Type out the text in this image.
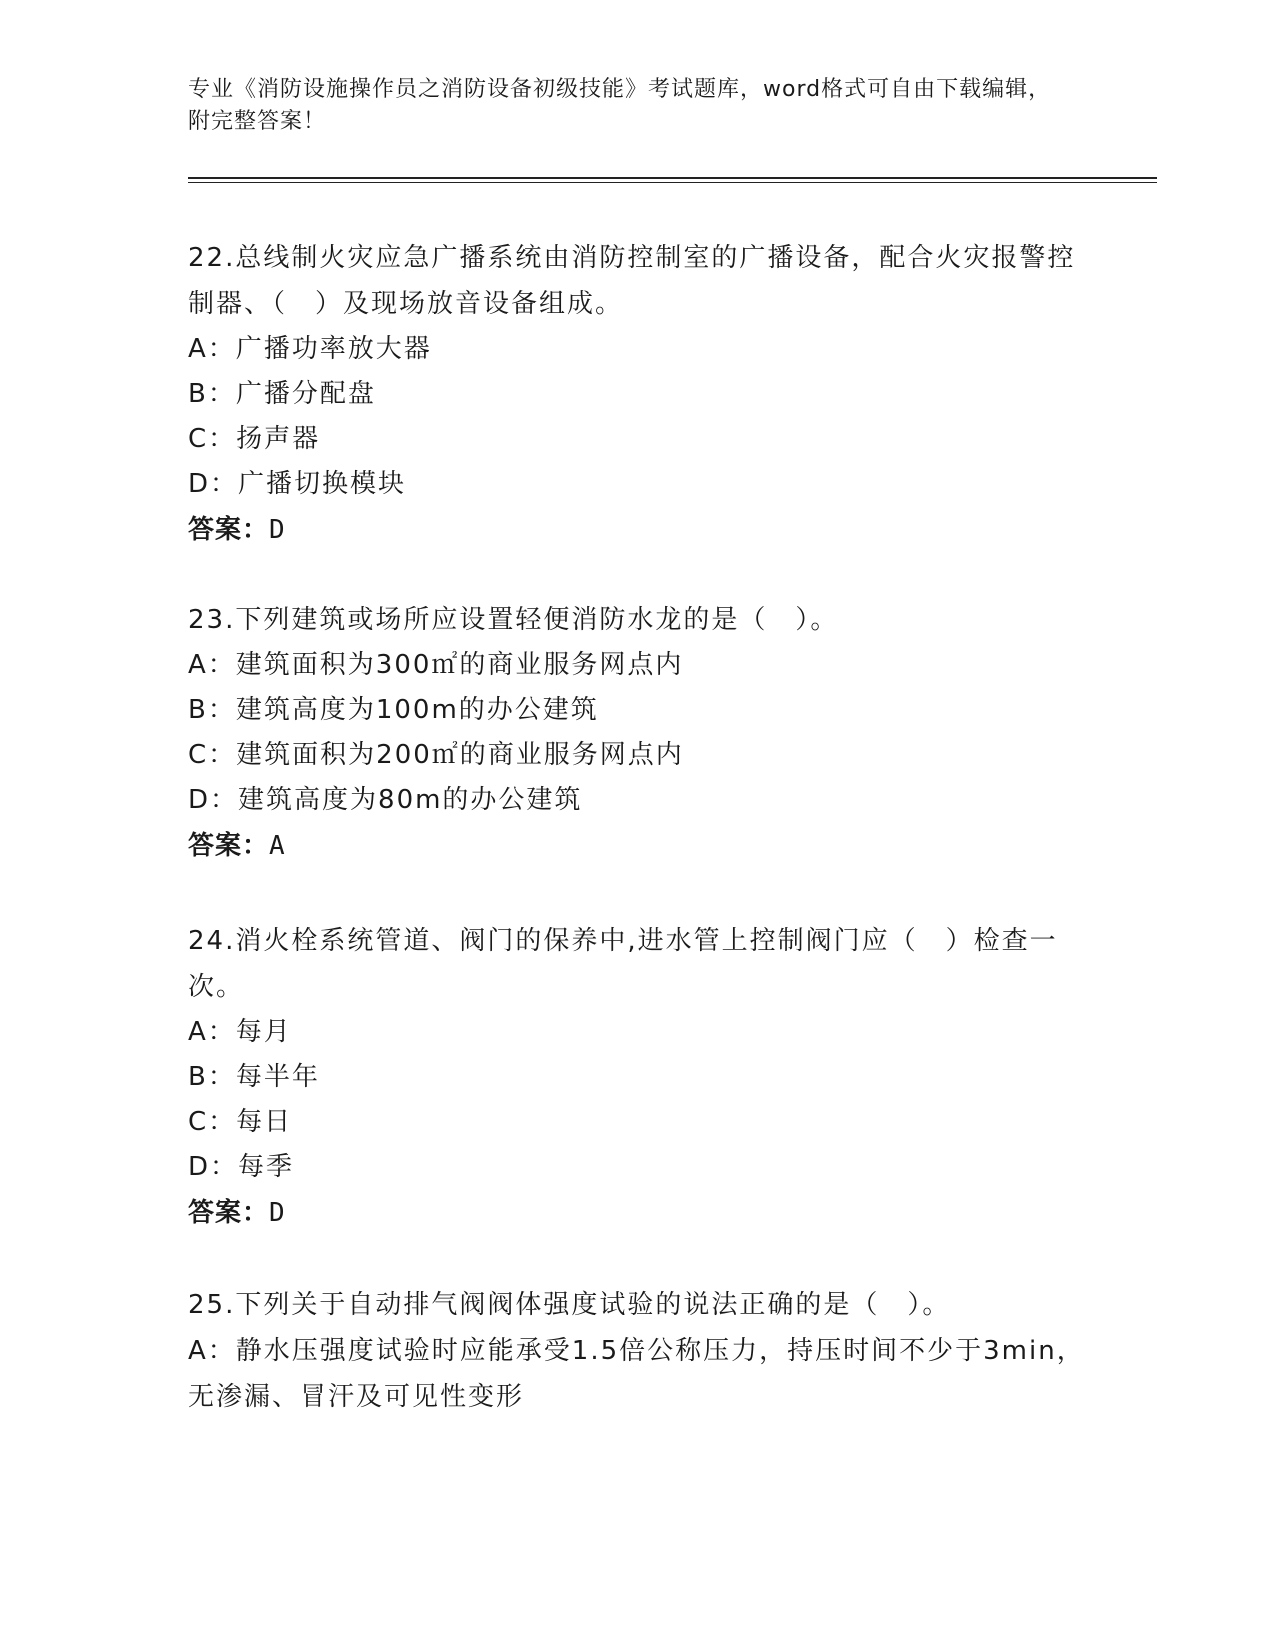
专业《消防设施操作员之消防设备初级技能》考试题库，word格式可自由下载编辑，附完整答案！
22.总线制火灾应急广播系统由消防控制室的广播设备，配合火灾报警控制器、（　）及现场放音设备组成。
A：广播功率放大器
B：广播分配盘
C：扬声器
D：广播切换模块
答案：D
23.下列建筑或场所应设置轻便消防水龙的是（　）。
A：建筑面积为300㎡的商业服务网点内
B：建筑高度为100m的办公建筑
C：建筑面积为200㎡的商业服务网点内
D：建筑高度为80m的办公建筑
答案：A
24.消火栓系统管道、阀门的保养中,进水管上控制阀门应（　）检查一次。
A：每月
B：每半年
C：每日
D：每季
答案：D
25.下列关于自动排气阀阀体强度试验的说法正确的是（　）。
A：静水压强度试验时应能承受1.5倍公称压力，持压时间不少于3min，无渗漏、冒汗及可见性变形
